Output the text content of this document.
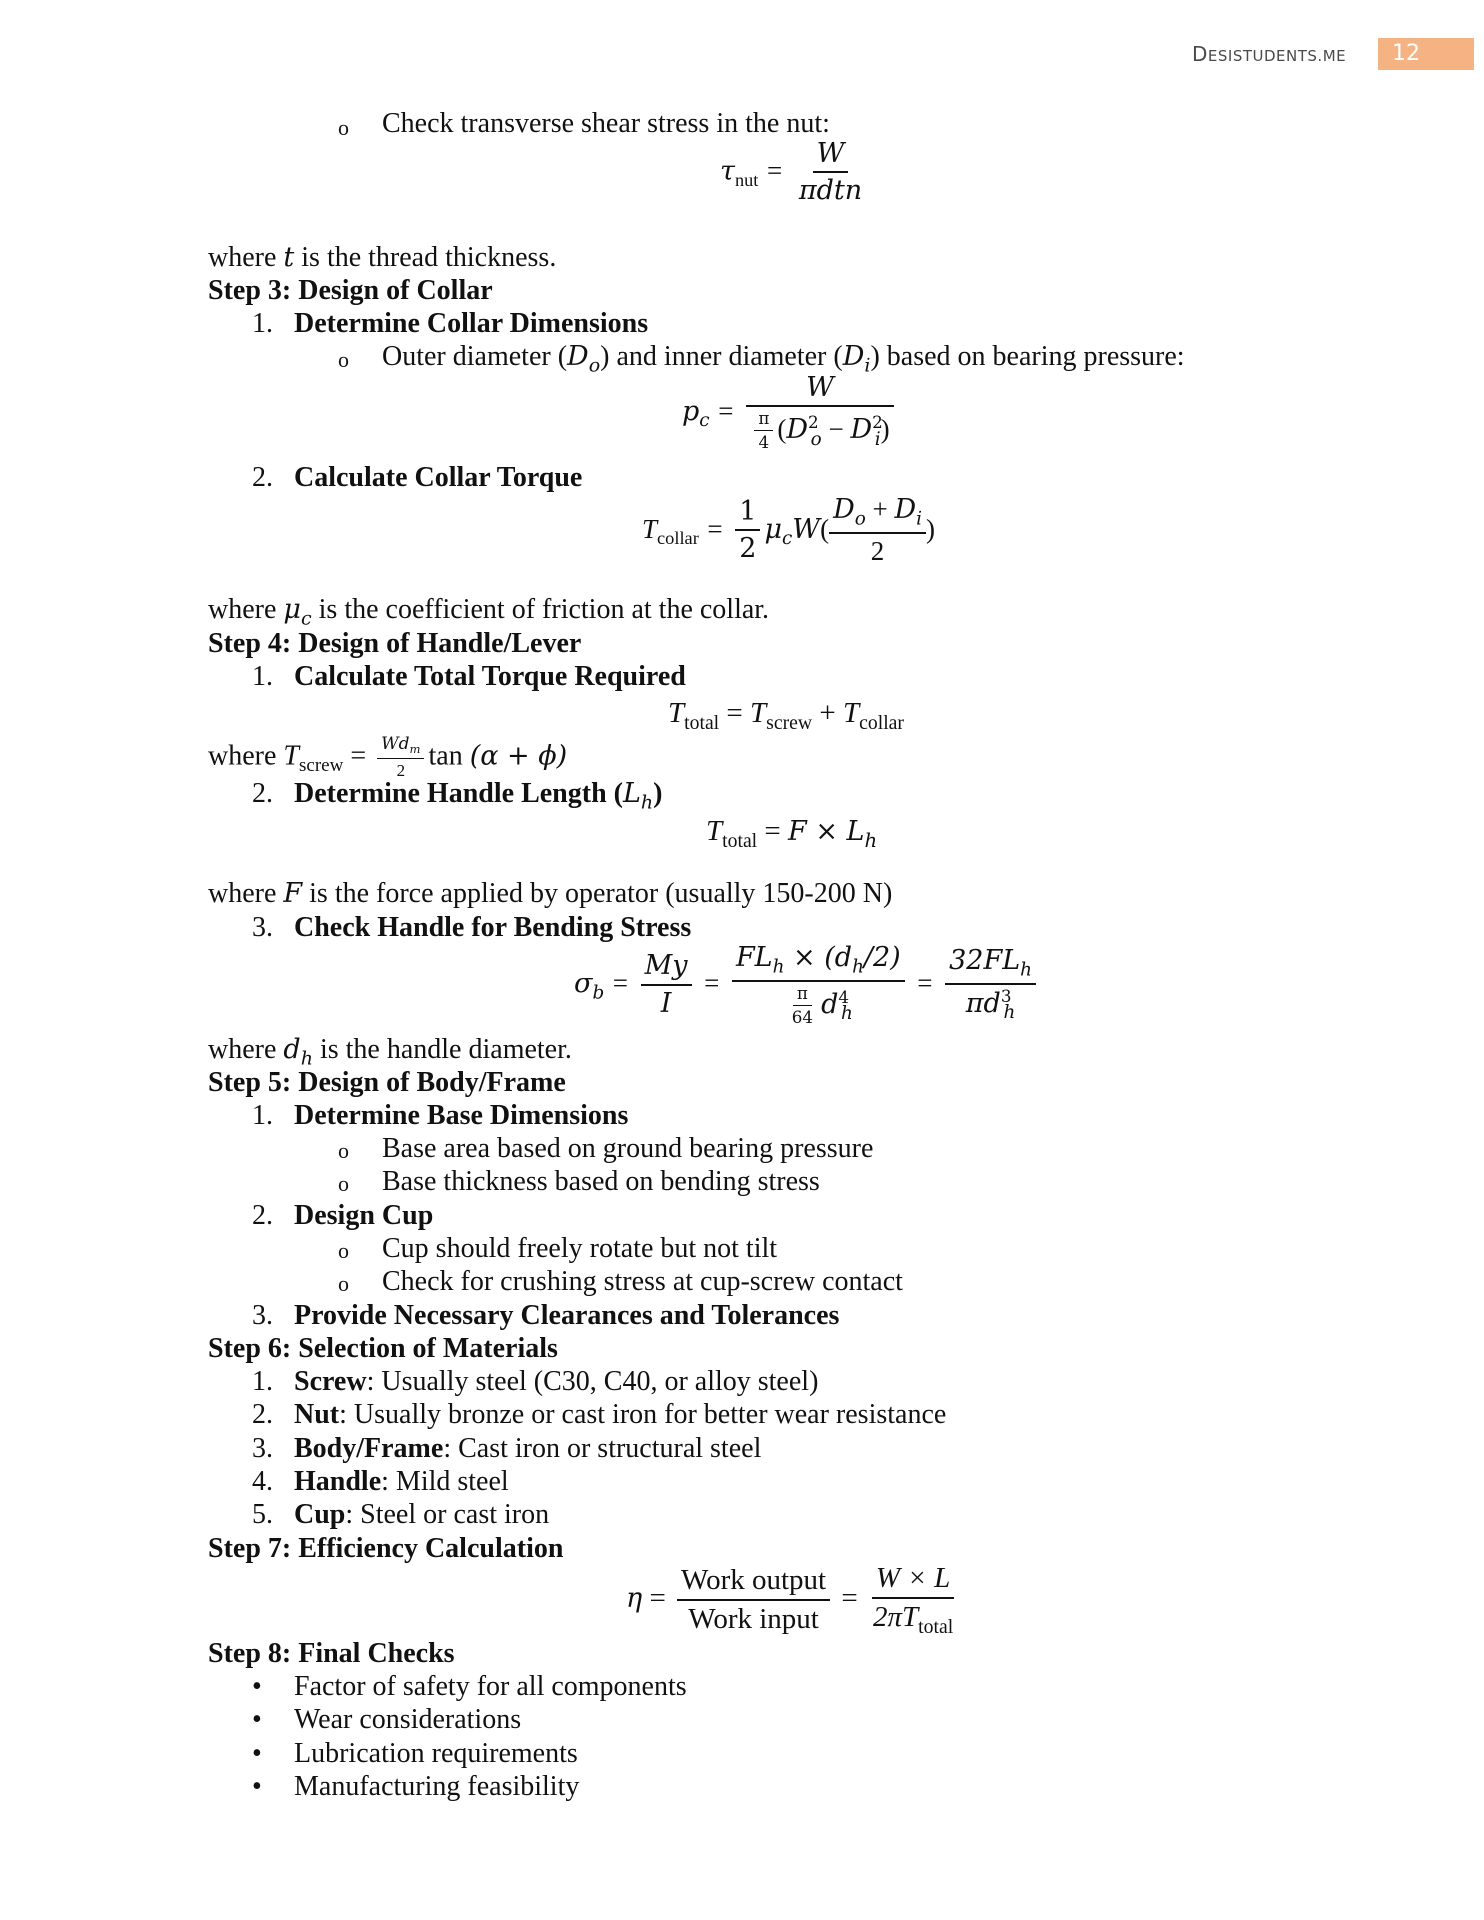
DESISTUDENTS.ME	12
o Check transverse shear stress in the nut:
$\tau_{nut} = \frac{W}{\text{πdtn}}$
where t is the thread thickness.
Step 3: Design of Collar
1. Determine Collar Dimensions
o Outer diameter $(D_o)$ and inner diameter $(D_i)$ based on bearing pressure:
$p_c = \frac{W}{\frac{\pi}{4} (D^2_o - D^2_i)}$
2. Calculate Collar Torque
$T_{collar} = \frac{1}{2} \mu_cW( \frac{D_o + D_i}{2}$ )
where $\mu_c$ is the coefficient of friction at the collar.
Step 4: Design of Handle/Lever
1. Calculate Total Torque Required
$T_{total} = T_{screw} + T_{collar}$
where $T_{screw} = \frac{Wd_m}{2}$ tan (α + ϕ)
2. Determine Handle Length $(L_h)$
$T_{total} = F \times L_h$
where F is the force applied by operator (usually 150-200 N)
3. Check Handle for Bending Stress
$\sigma_b = \frac{My}{I} = \frac{FL_h \times (d_h/2)}{\frac{\pi}{64} d^4_h} = \frac{32FL_h}{\pi d^3_h}$
where $d_h$ is the handle diameter.
Step 5: Design of Body/Frame
1. Determine Base Dimensions
o Base area based on ground bearing pressure
o Base thickness based on bending stress
2. Design Cup
o Cup should freely rotate but not tilt
o Check for crushing stress at cup-screw contact
3. Provide Necessary Clearances and Tolerances
Step 6: Selection of Materials
1. Screw: Usually steel (C30, C40, or alloy steel)
2. Nut: Usually bronze or cast iron for better wear resistance
3. Body/Frame: Cast iron or structural steel
4. Handle: Mild steel
5. Cup: Steel or cast iron
Step 7: Efficiency Calculation
$\eta = \frac{\text{Work output}}{\text{Work input}} = \frac{W \times L}{2\pi T_{total}}$
Step 8: Final Checks
• Factor of safety for all components
• Wear considerations
• Lubrication requirements
• Manufacturing feasibility
